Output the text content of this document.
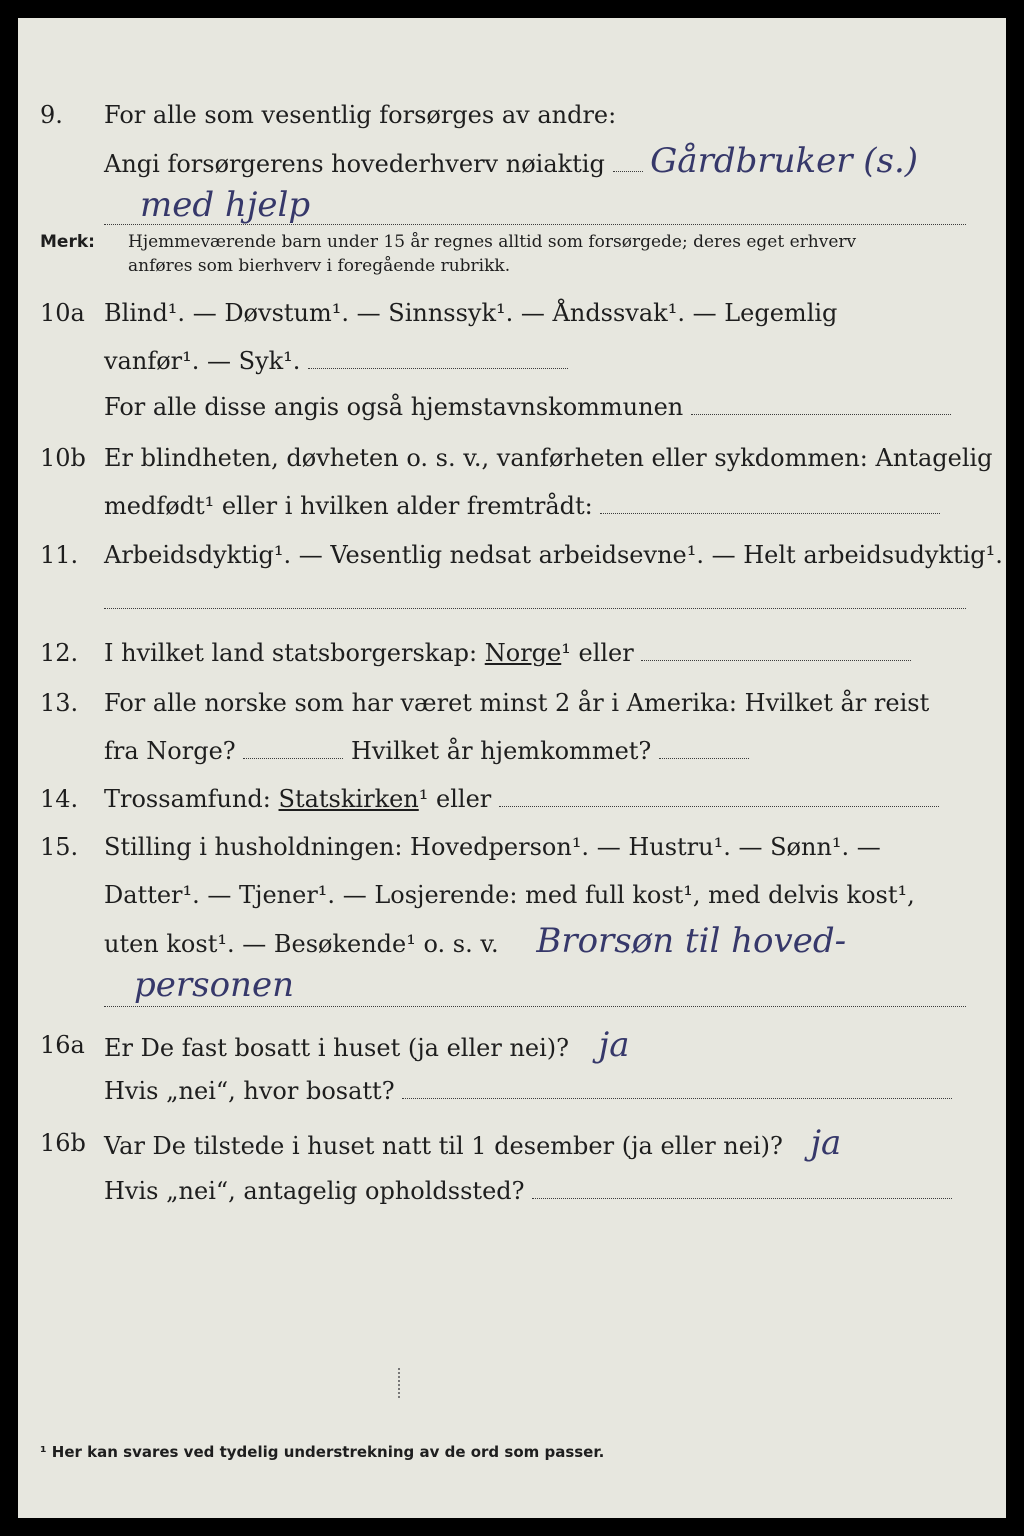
9. For alle som vesentlig forsørges av andre:
Angi forsørgerens hovederhverv nøiaktig Gårdbruker (s.)
med hjelp
Merk: Hjemmeværende barn under 15 år regnes alltid som forsørgede; deres eget erhverv
anføres som bierhverv i foregående rubrikk.
10a Blind¹. — Døvstum¹. — Sinnssyk¹. — Åndssvak¹. — Legemlig
vanfør¹. — Syk¹.
For alle disse angis også hjemstavnskommunen
10b Er blindheten, døvheten o. s. v., vanførheten eller sykdommen: Antagelig
medfødt¹ eller i hvilken alder fremtrådt:
11. Arbeidsdyktig¹. — Vesentlig nedsat arbeidsevne¹. — Helt arbeidsudyktig¹.
12. I hvilket land statsborgerskap: Norge¹ eller
13. For alle norske som har været minst 2 år i Amerika: Hvilket år reist
fra Norge?	Hvilket år hjemkommet?
14. Trossamfund: Statskirken¹ eller
15. Stilling i husholdningen: Hovedperson¹. — Hustru¹. — Sønn¹. —
Datter¹. — Tjener¹. — Losjerende: med full kost¹, med delvis kost¹,
uten kost¹. — Besøkende¹ o. s. v. Brorsøn til hoved-
personen
16a Er De fast bosatt i huset (ja eller nei)? ja
Hvis „nei“, hvor bosatt?
16b Var De tilstede i huset natt til 1 desember (ja eller nei)? ja
Hvis „nei“, antagelig opholdssted?
¹ Her kan svares ved tydelig understrekning av de ord som passer.
